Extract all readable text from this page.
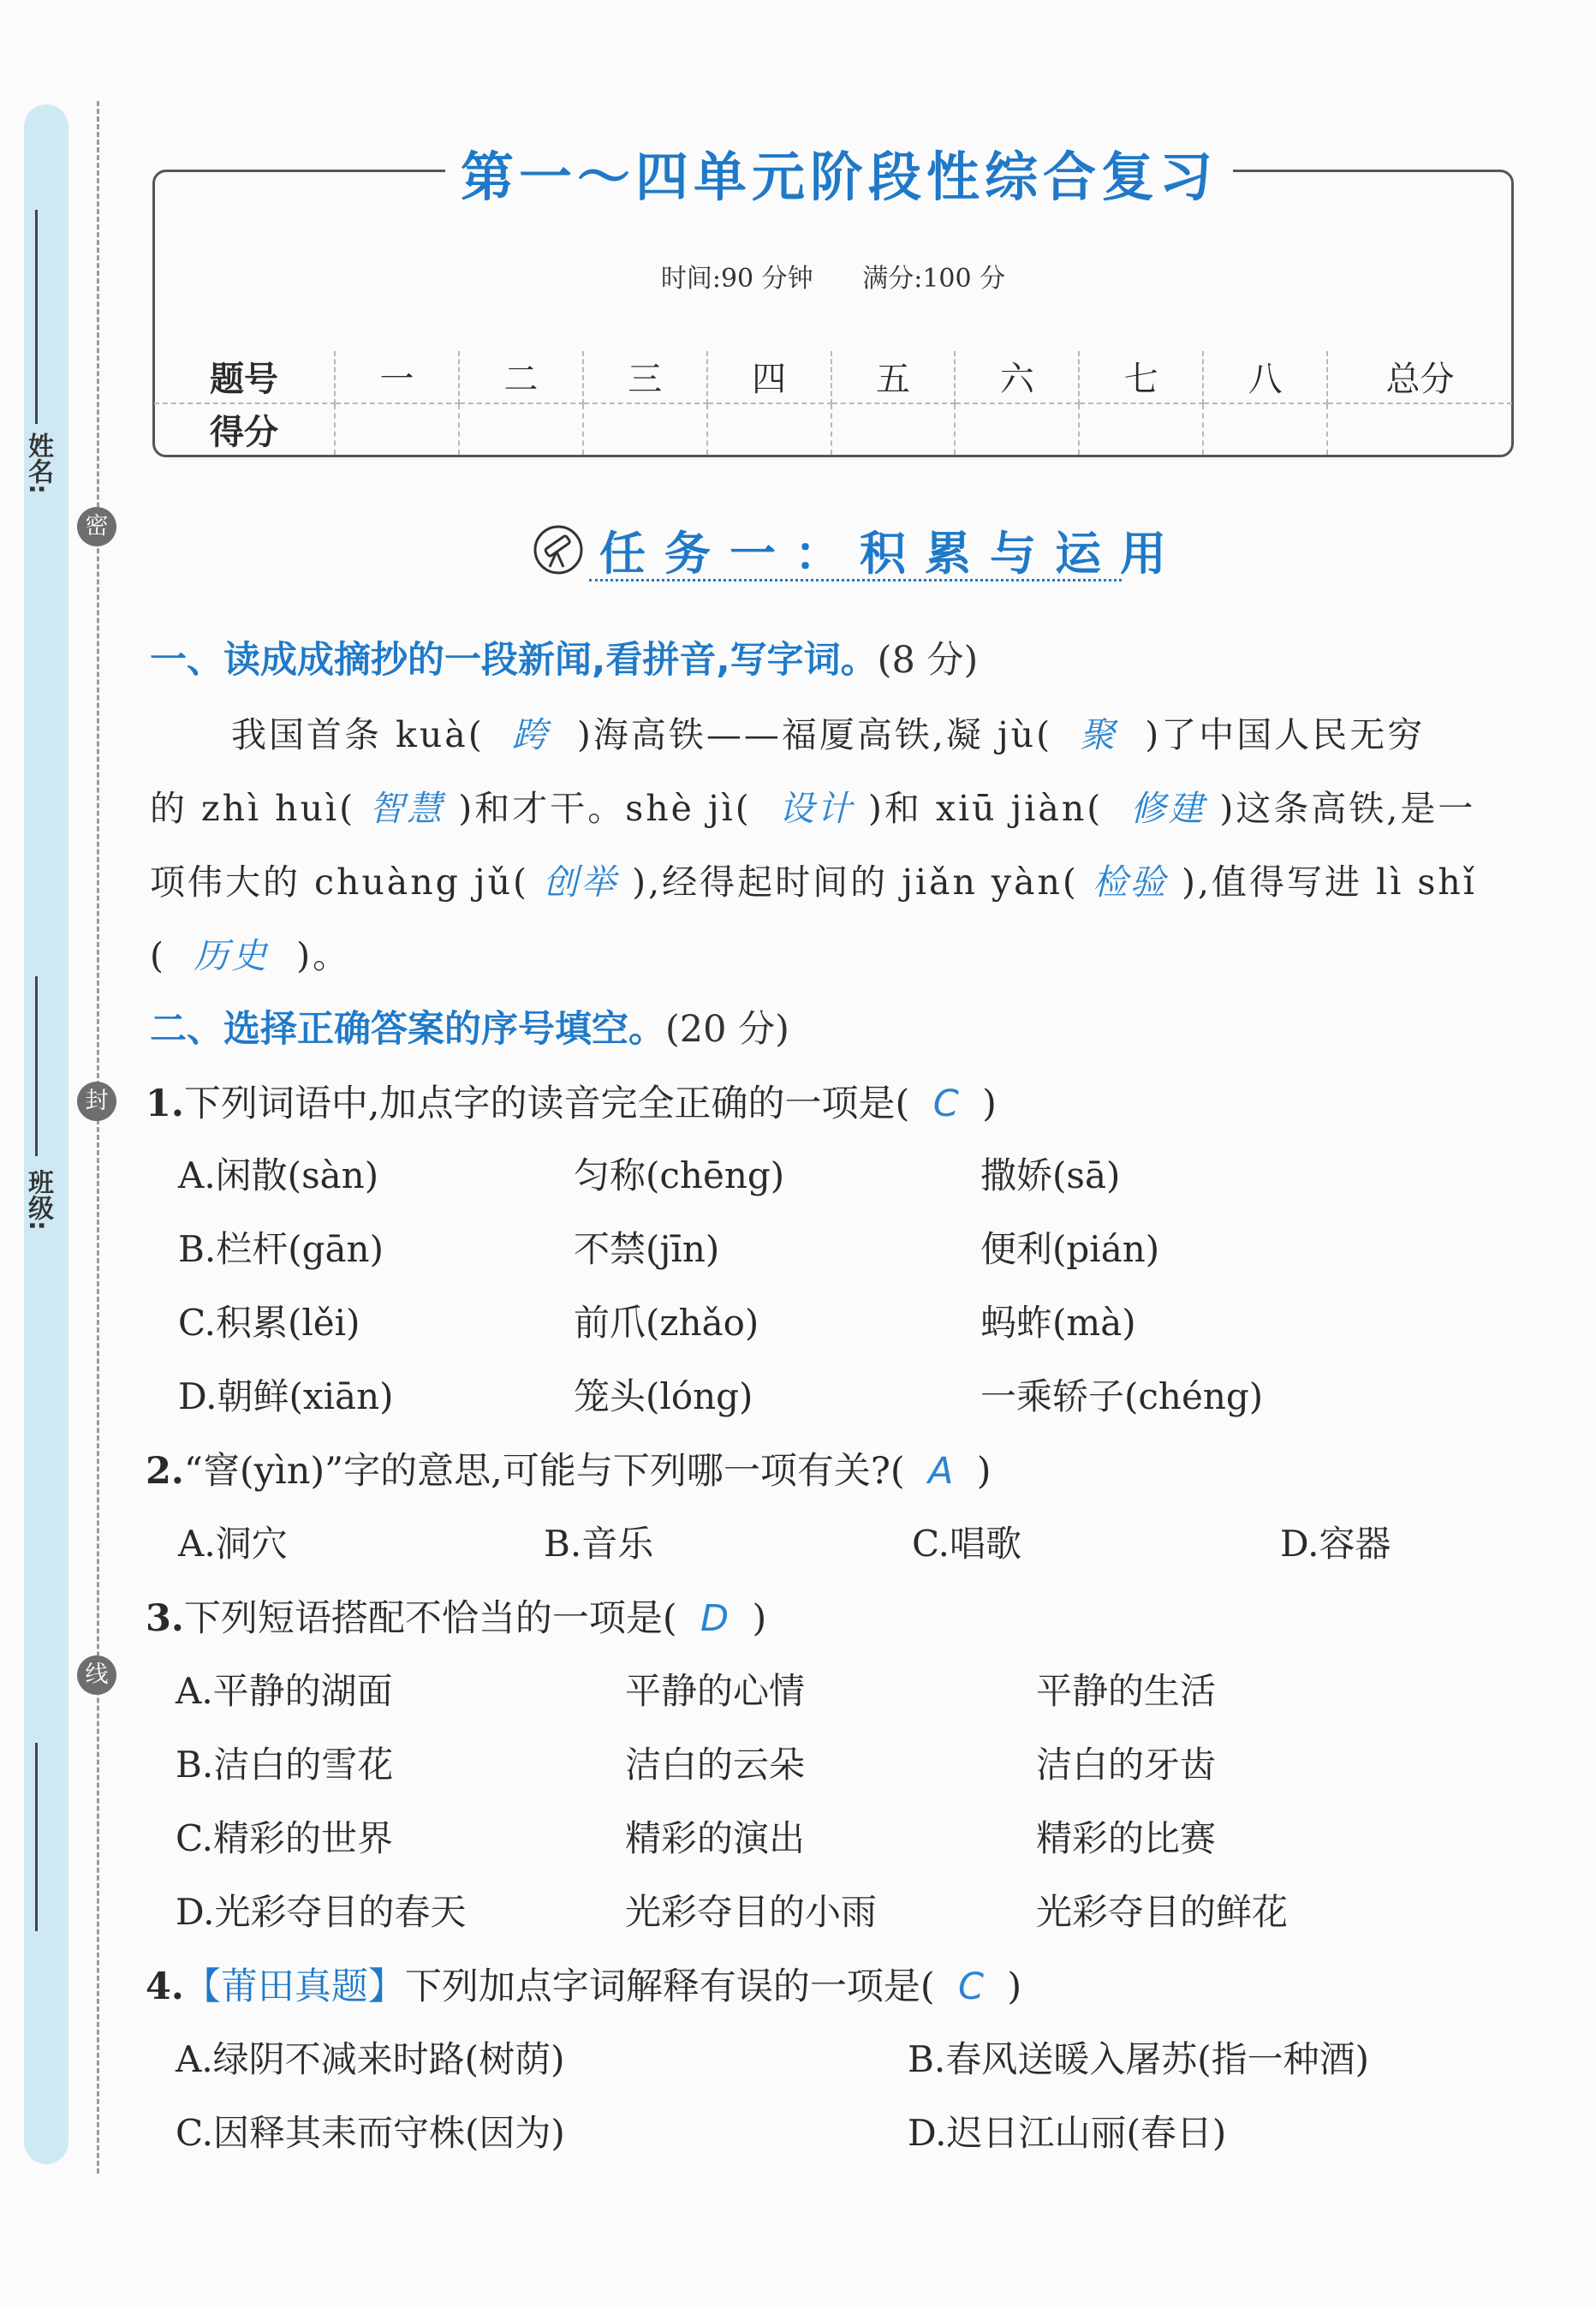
姓名:
班级:
密
封
线
第一～四单元阶段性综合复习
时间:90 分钟 满分:100 分
题号	一	二	三	四	五	六	七	八	总分
得分									
任务一：积累与运用
一、读成成摘抄的一段新闻,看拼音,写字词。(8 分)
我国首条 kuà( 跨 )海高铁——福厦高铁,凝 jù( 聚 )了中国人民无穷
的 zhì huì( 智慧 )和才干。shè jì( 设计 )和 xiū jiàn( 修建 )这条高铁,是一
项伟大的 chuàng jǔ( 创举 ),经得起时间的 jiǎn yàn( 检验 ),值得写进 lì shǐ
( 历史 )。
二、选择正确答案的序号填空。(20 分)
1.下列词语中,加点字的读音完全正确的一项是( C )
A.闲散(sàn)	匀称(chēng)	撒娇(sā)
B.栏杆(gān)	不禁(jīn)	便利(pián)
C.积累(lěi)	前爪(zhǎo)	蚂蚱(mà)
D.朝鲜(xiān)	笼头(lóng)	一乘轿子(chéng)
2.“窨(yìn)”字的意思,可能与下列哪一项有关?( A )
A.洞穴	B.音乐	C.唱歌	D.容器
3.下列短语搭配不恰当的一项是( D )
A.平静的湖面	平静的心情	平静的生活
B.洁白的雪花	洁白的云朵	洁白的牙齿
C.精彩的世界	精彩的演出	精彩的比赛
D.光彩夺目的春天	光彩夺目的小雨	光彩夺目的鲜花
4.【莆田真题】下列加点字词解释有误的一项是( C )
A.绿阴不减来时路(树荫)	B.春风送暖入屠苏(指一种酒)
C.因释其耒而守株(因为)	D.迟日江山丽(春日)
